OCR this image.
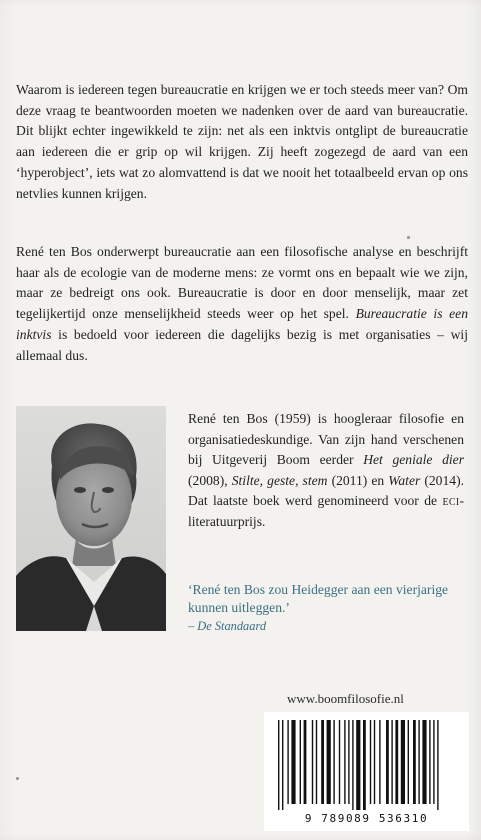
Waarom is iedereen tegen bureaucratie en krijgen we er toch steeds meer van? Om deze vraag te beantwoorden moeten we nadenken over de aard van bureaucratie. Dit blijkt echter ingewikkeld te zijn: net als een inktvis ontglipt de bureaucratie aan iedereen die er grip op wil krijgen. Zij heeft zogezegd de aard van een ‘hyperobject’, iets wat zo alomvattend is dat we nooit het totaalbeeld ervan op ons netvlies kunnen krijgen.

René ten Bos onderwerpt bureaucratie aan een filosofische analyse en beschrijft haar als de ecologie van de moderne mens: ze vormt ons en bepaalt wie we zijn, maar ze bedreigt ons ook. Bureaucratie is door en door menselijk, maar zet tegelijkertijd onze menselijkheid steeds weer op het spel. Bureaucratie is een inktvis is bedoeld voor iedereen die dagelijks bezig is met organisaties – wij allemaal dus.

René ten Bos (1959) is hoogleraar filosofie en organisatiedeskundige. Van zijn hand verschenen bij Uitgeverij Boom eerder Het geniale dier (2008), Stilte, geste, stem (2011) en Water (2014). Dat laatste boek werd genomineerd voor de eci-literatuurprijs.

‘René ten Bos zou Heidegger aan een vierjarige kunnen uitleggen.’
– De Standaard

www.boomfilosofie.nl

9 789089 536310
